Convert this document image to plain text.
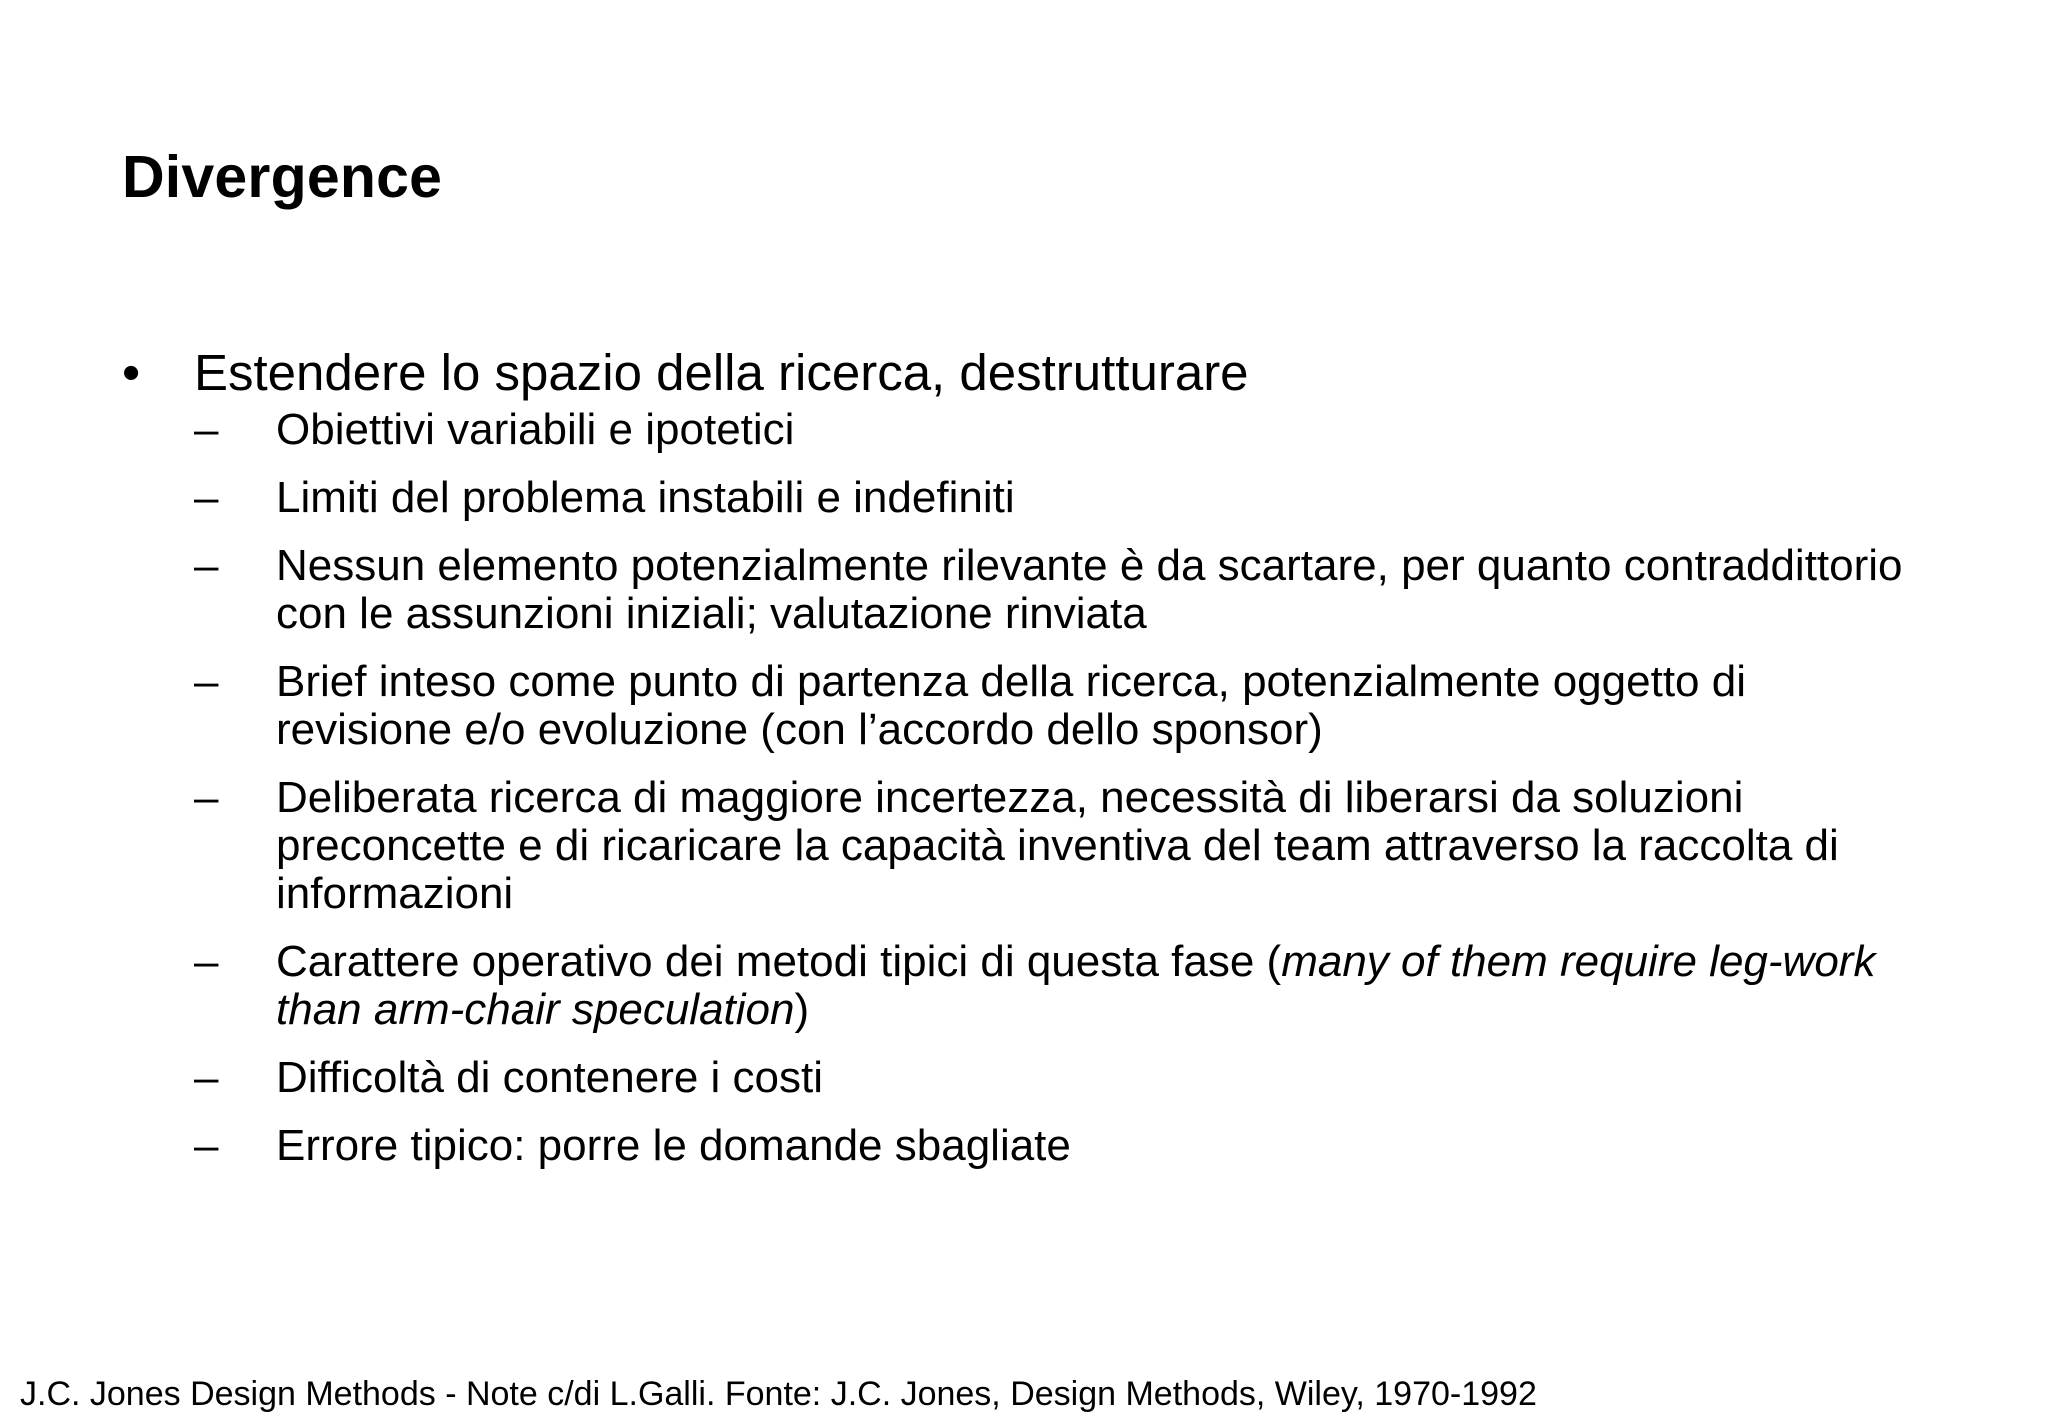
Divergence
• Estendere lo spazio della ricerca, destrutturare
– Obiettivi variabili e ipotetici
– Limiti del problema instabili e indefiniti
– Nessun elemento potenzialmente rilevante è da scartare, per quanto contraddittorio con le assunzioni iniziali; valutazione rinviata
– Brief inteso come punto di partenza della ricerca, potenzialmente oggetto di revisione e/o evoluzione (con l’accordo dello sponsor)
– Deliberata ricerca di maggiore incertezza, necessità di liberarsi da soluzioni preconcette e di ricaricare la capacità inventiva del team attraverso la raccolta di informazioni
– Carattere operativo dei metodi tipici di questa fase (many of them require leg-work than arm-chair speculation)
– Difficoltà di contenere i costi
– Errore tipico: porre le domande sbagliate

J.C. Jones Design Methods - Note c/di L.Galli. Fonte: J.C. Jones, Design Methods, Wiley, 1970-1992
